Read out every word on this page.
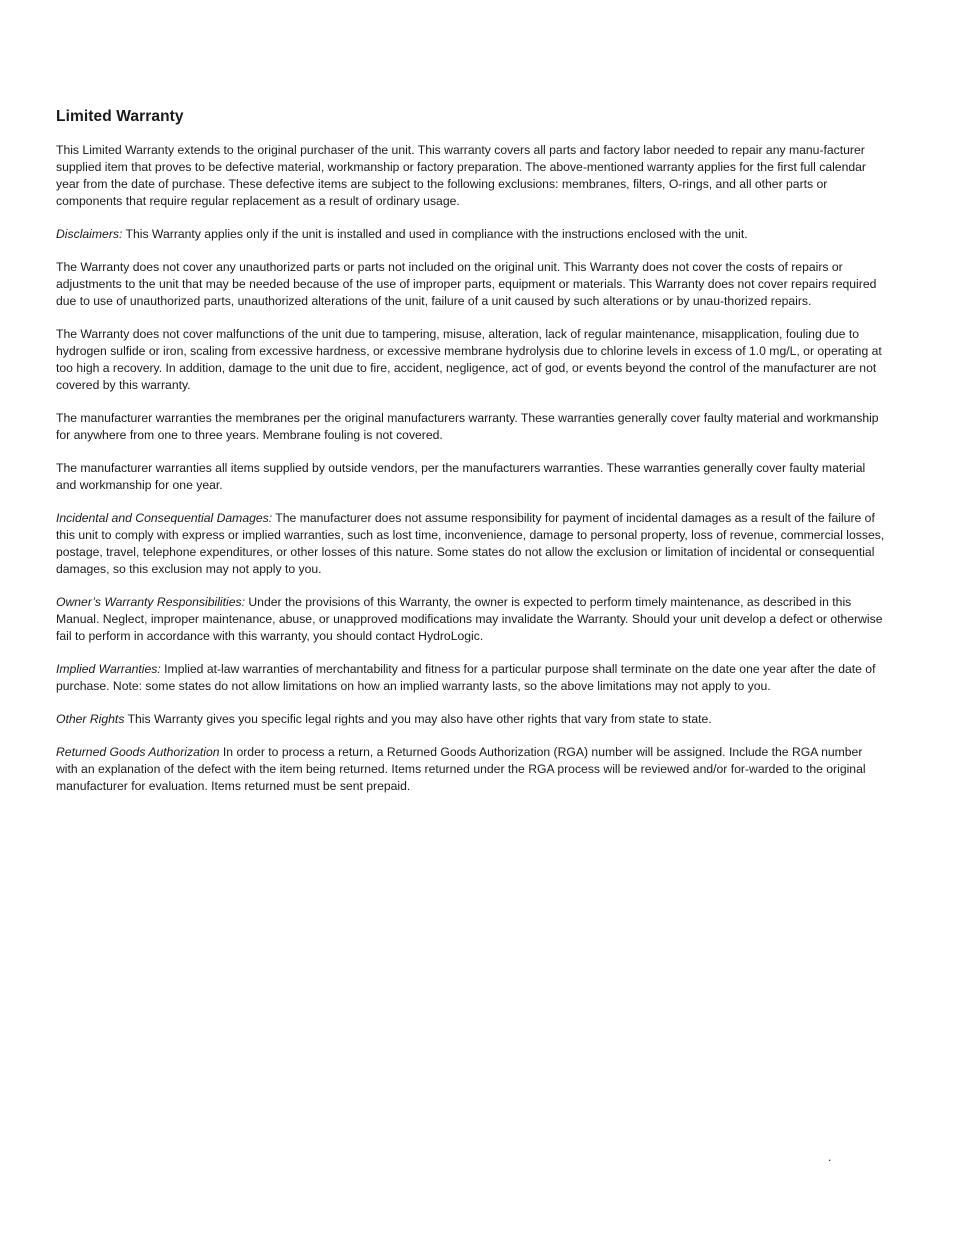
Limited Warranty

This Limited Warranty extends to the original purchaser of the unit. This warranty covers all parts and factory labor needed to repair any manu-facturer supplied item that proves to be defective material, workmanship or factory preparation. The above-mentioned warranty applies for the first full calendar year from the date of purchase. These defective items are subject to the following exclusions: membranes, filters, O-rings, and all other parts or components that require regular replacement as a result of ordinary usage.

Disclaimers: This Warranty applies only if the unit is installed and used in compliance with the instructions enclosed with the unit.

The Warranty does not cover any unauthorized parts or parts not included on the original unit. This Warranty does not cover the costs of repairs or adjustments to the unit that may be needed because of the use of improper parts, equipment or materials. This Warranty does not cover repairs required due to use of unauthorized parts, unauthorized alterations of the unit, failure of a unit caused by such alterations or by unau-thorized repairs.

The Warranty does not cover malfunctions of the unit due to tampering, misuse, alteration, lack of regular maintenance, misapplication, fouling due to hydrogen sulfide or iron, scaling from excessive hardness, or excessive membrane hydrolysis due to chlorine levels in excess of 1.0 mg/L, or operating at too high a recovery. In addition, damage to the unit due to fire, accident, negligence, act of god, or events beyond the control of the manufacturer are not covered by this warranty.

The manufacturer warranties the membranes per the original manufacturers warranty. These warranties generally cover faulty material and workmanship for anywhere from one to three years. Membrane fouling is not covered.

The manufacturer warranties all items supplied by outside vendors, per the manufacturers warranties. These warranties generally cover faulty material and workmanship for one year.

Incidental and Consequential Damages: The manufacturer does not assume responsibility for payment of incidental damages as a result of the failure of this unit to comply with express or implied warranties, such as lost time, inconvenience, damage to personal property, loss of revenue, commercial losses, postage, travel, telephone expenditures, or other losses of this nature. Some states do not allow the exclusion or limitation of incidental or consequential damages, so this exclusion may not apply to you.

Owner’s Warranty Responsibilities: Under the provisions of this Warranty, the owner is expected to perform timely maintenance, as described in this Manual. Neglect, improper maintenance, abuse, or unapproved modifications may invalidate the Warranty. Should your unit develop a defect or otherwise fail to perform in accordance with this warranty, you should contact HydroLogic.

Implied Warranties: Implied at-law warranties of merchantability and fitness for a particular purpose shall terminate on the date one year after the date of purchase. Note: some states do not allow limitations on how an implied warranty lasts, so the above limitations may not apply to you.

Other Rights This Warranty gives you specific legal rights and you may also have other rights that vary from state to state.

Returned Goods Authorization In order to process a return, a Returned Goods Authorization (RGA) number will be assigned. Include the RGA number with an explanation of the defect with the item being returned. Items returned under the RGA process will be reviewed and/or for-warded to the original manufacturer for evaluation. Items returned must be sent prepaid.

.
